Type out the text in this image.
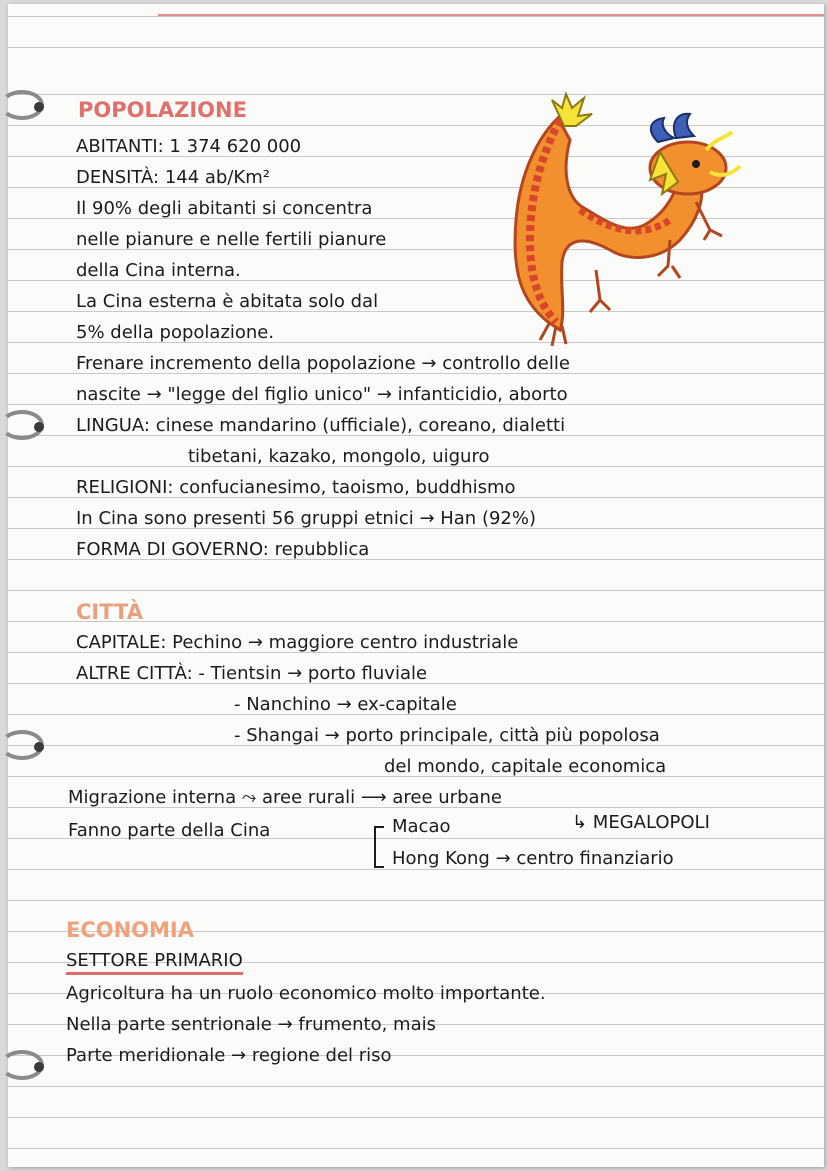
POPOLAZIONE
ABITANTI: 1 374 620 000
DENSITÀ: 144 ab/Km²
Il 90% degli abitanti si concentra
nelle pianure e nelle fertili pianure
della Cina interna.
La Cina esterna è abitata solo dal
5% della popolazione.
Frenare incremento della popolazione → controllo delle
nascite → "legge del figlio unico" → infanticidio, aborto
LINGUA: cinese mandarino (ufficiale), coreano, dialetti
tibetani, kazako, mongolo, uiguro
RELIGIONI: confucianesimo, taoismo, buddhismo
In Cina sono presenti 56 gruppi etnici → Han (92%)
FORMA DI GOVERNO: repubblica
CITTÀ
CAPITALE: Pechino → maggiore centro industriale
ALTRE CITTÀ: - Tientsin → porto fluviale
- Nanchino → ex-capitale
- Shangai → porto principale, città più popolosa
del mondo, capitale economica
Migrazione interna ⤳ aree rurali ⟶ aree urbane
↳ MEGALOPOLI
Fanno parte della Cina	Macao
Hong Kong → centro finanziario
ECONOMIA
SETTORE PRIMARIO
Agricoltura ha un ruolo economico molto importante.
Nella parte sentrionale → frumento, mais
Parte meridionale → regione del riso
